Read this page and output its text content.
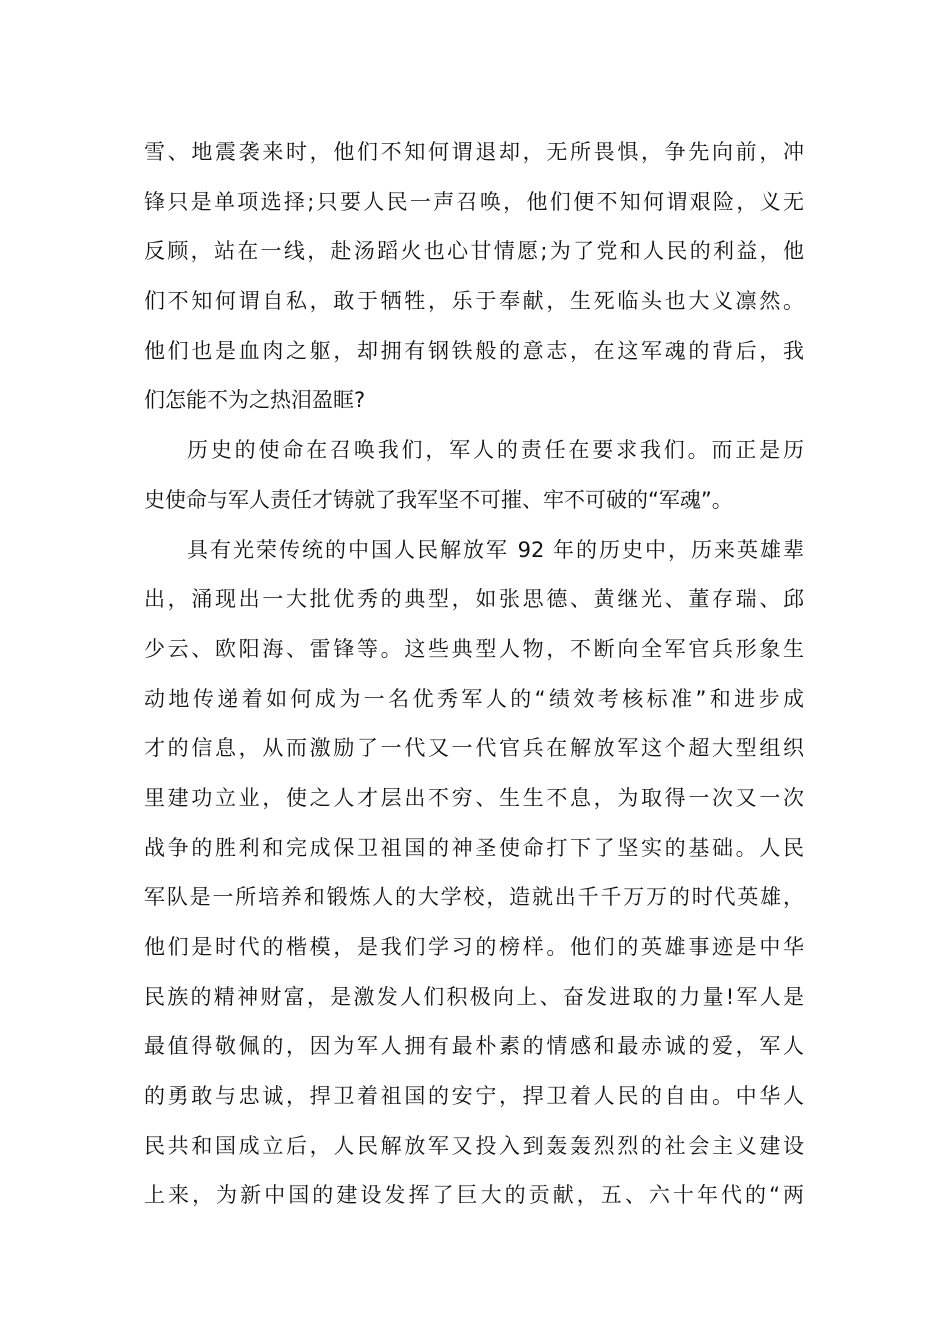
雪、地震袭来时，他们不知何谓退却，无所畏惧，争先向前，冲
锋只是单项选择;只要人民一声召唤，他们便不知何谓艰险，义无
反顾，站在一线，赴汤蹈火也心甘情愿;为了党和人民的利益，他
们不知何谓自私，敢于牺牲，乐于奉献，生死临头也大义凛然。
他们也是血肉之躯，却拥有钢铁般的意志，在这军魂的背后，我
们怎能不为之热泪盈眶?
历史的使命在召唤我们，军人的责任在要求我们。而正是历
史使命与军人责任才铸就了我军坚不可摧、牢不可破的“军魂”。
具有光荣传统的中国人民解放军 92 年的历史中，历来英雄辈
出，涌现出一大批优秀的典型，如张思德、黄继光、董存瑞、邱
少云、欧阳海、雷锋等。这些典型人物，不断向全军官兵形象生
动地传递着如何成为一名优秀军人的“绩效考核标准”和进步成
才的信息，从而激励了一代又一代官兵在解放军这个超大型组织
里建功立业，使之人才层出不穷、生生不息，为取得一次又一次
战争的胜利和完成保卫祖国的神圣使命打下了坚实的基础。人民
军队是一所培养和锻炼人的大学校，造就出千千万万的时代英雄，
他们是时代的楷模，是我们学习的榜样。他们的英雄事迹是中华
民族的精神财富，是激发人们积极向上、奋发进取的力量!军人是
最值得敬佩的，因为军人拥有最朴素的情感和最赤诚的爱，军人
的勇敢与忠诚，捍卫着祖国的安宁，捍卫着人民的自由。中华人
民共和国成立后，人民解放军又投入到轰轰烈烈的社会主义建设
上来，为新中国的建设发挥了巨大的贡献，五、六十年代的“两
